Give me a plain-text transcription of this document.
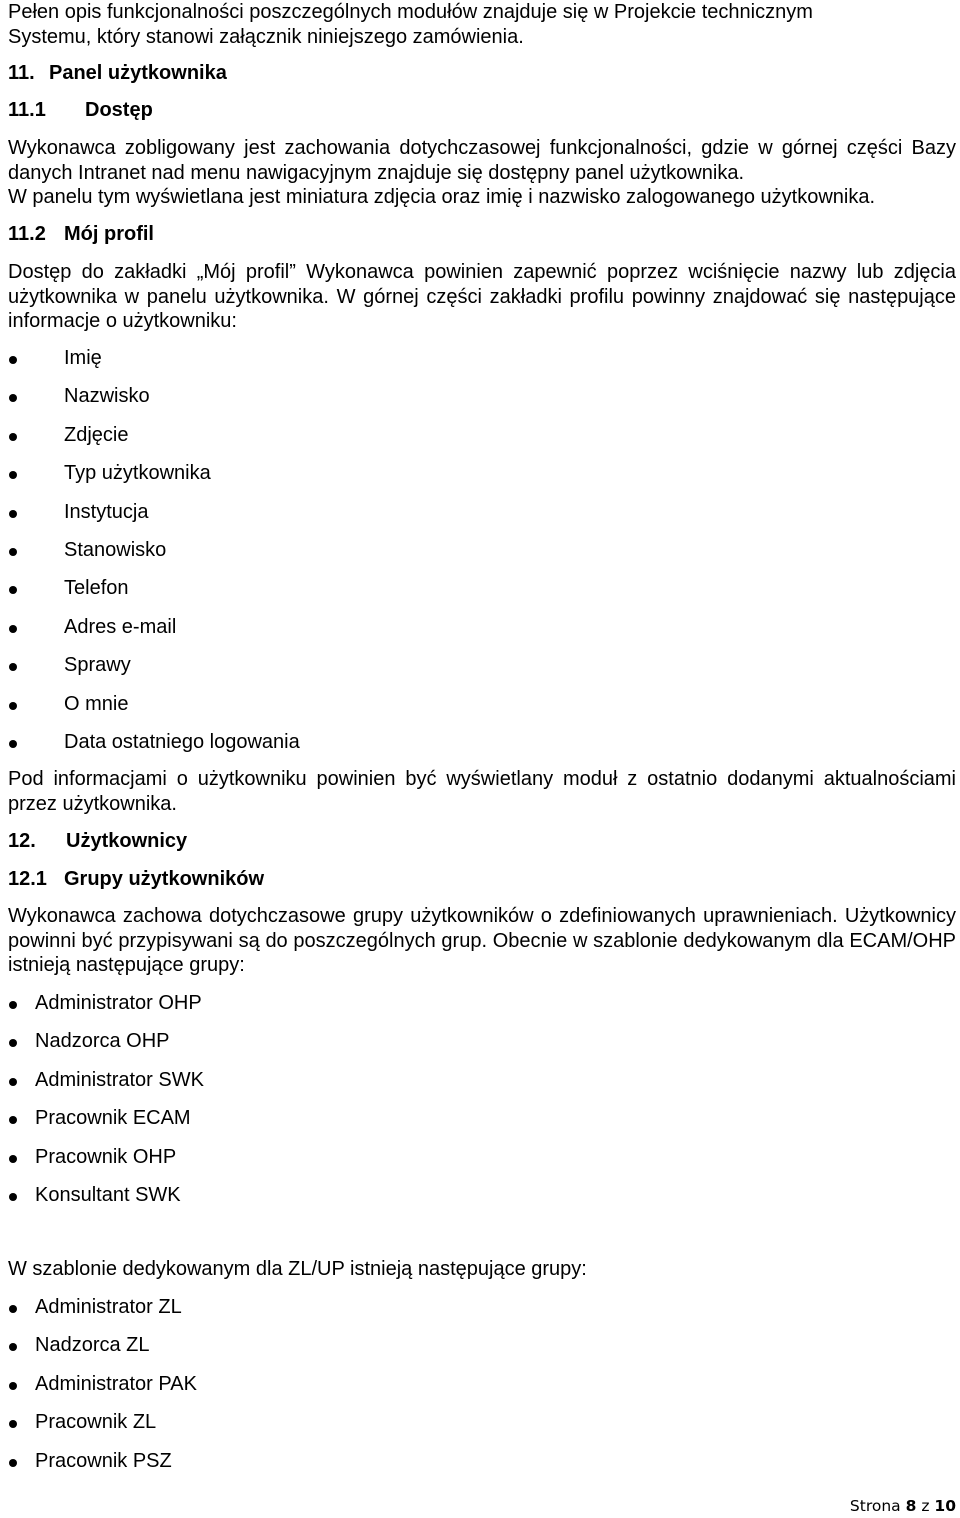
Pełen opis funkcjonalności poszczególnych modułów znajduje się w Projekcie technicznym

Systemu, który stanowi załącznik niniejszego zamówienia.

11. Panel użytkownika
11.1 Dostęp

Wykonawca zobligowany jest zachowania dotychczasowej funkcjonalności, gdzie w górnej części Bazy danych Intranet nad menu nawigacyjnym znajduje się dostępny panel użytkownika.

W panelu tym wyświetlana jest miniatura zdjęcia oraz imię i nazwisko zalogowanego użytkownika.

11.2 Mój profil

Dostęp do zakładki „Mój profil” Wykonawca powinien zapewnić poprzez wciśnięcie nazwy lub zdjęcia użytkownika w panelu użytkownika. W górnej części zakładki profilu powinny znajdować się następujące informacje o użytkowniku:

Imię
Nazwisko
Zdjęcie
Typ użytkownika
Instytucja
Stanowisko
Telefon
Adres e-mail
Sprawy
O mnie
Data ostatniego logowania

Pod informacjami o użytkowniku powinien być wyświetlany moduł z ostatnio dodanymi aktualnościami przez użytkownika.

12. Użytkownicy
12.1 Grupy użytkowników

Wykonawca zachowa dotychczasowe grupy użytkowników o zdefiniowanych uprawnieniach. Użytkownicy powinni być przypisywani są do poszczególnych grup. Obecnie w szablonie dedykowanym dla ECAM/OHP istnieją następujące grupy:

Administrator OHP
Nadzorca OHP
Administrator SWK
Pracownik ECAM
Pracownik OHP
Konsultant SWK

W szablonie dedykowanym dla ZL/UP istnieją następujące grupy:

Administrator ZL
Nadzorca ZL
Administrator PAK
Pracownik ZL
Pracownik PSZ
Strona 8 z 10
